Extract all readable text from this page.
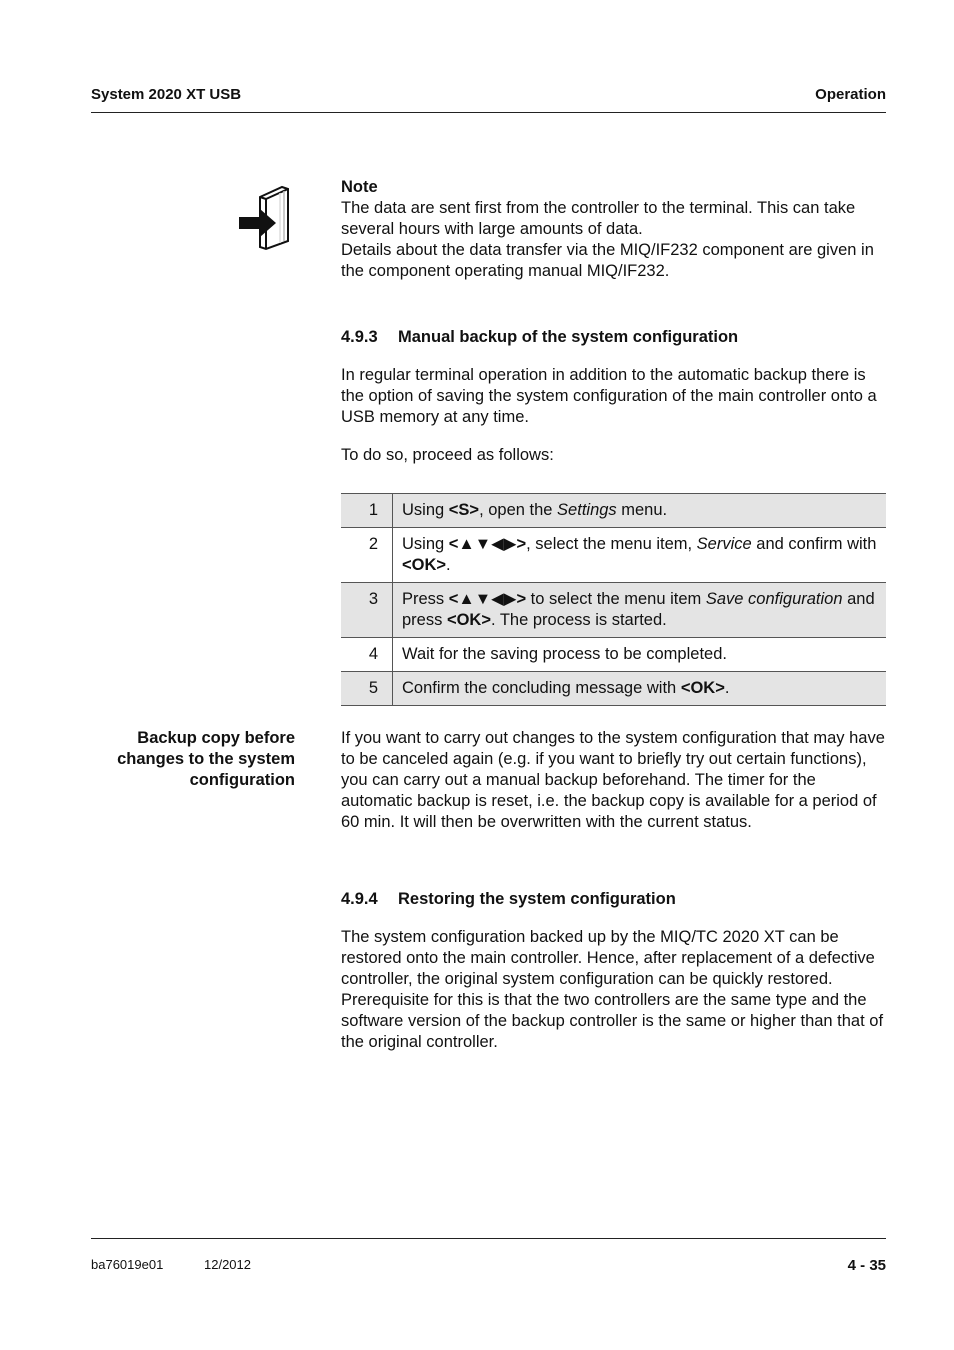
System 2020 XT USB	Operation
Note
The data are sent first from the controller to the terminal. This can take several hours with large amounts of data.
Details about the data transfer via the MIQ/IF232 component are given in the component operating manual MIQ/IF232.
4.9.3 Manual backup of the system configuration
In regular terminal operation in addition to the automatic backup there is the option of saving the system configuration of the main controller onto a USB memory at any time.
To do so, proceed as follows:
1	Using <S>, open the Settings menu.
2	Using <▲▼◀▶>, select the menu item, Service and confirm with <OK>.
3	Press <▲▼◀▶> to select the menu item Save configuration and press <OK>. The process is started.
4	Wait for the saving process to be completed.
5	Confirm the concluding message with <OK>.
Backup copy before
changes to the system
configuration
If you want to carry out changes to the system configuration that may have to be canceled again (e.g. if you want to briefly try out certain functions), you can carry out a manual backup beforehand. The timer for the automatic backup is reset, i.e. the backup copy is available for a period of 60 min. It will then be overwritten with the current status.
4.9.4 Restoring the system configuration
The system configuration backed up by the MIQ/TC 2020 XT can be restored onto the main controller. Hence, after replacement of a defective controller, the original system configuration can be quickly restored. Prerequisite for this is that the two controllers are the same type and the software version of the backup controller is the same or higher than that of the original controller.
ba76019e01	12/2012	4 - 35
